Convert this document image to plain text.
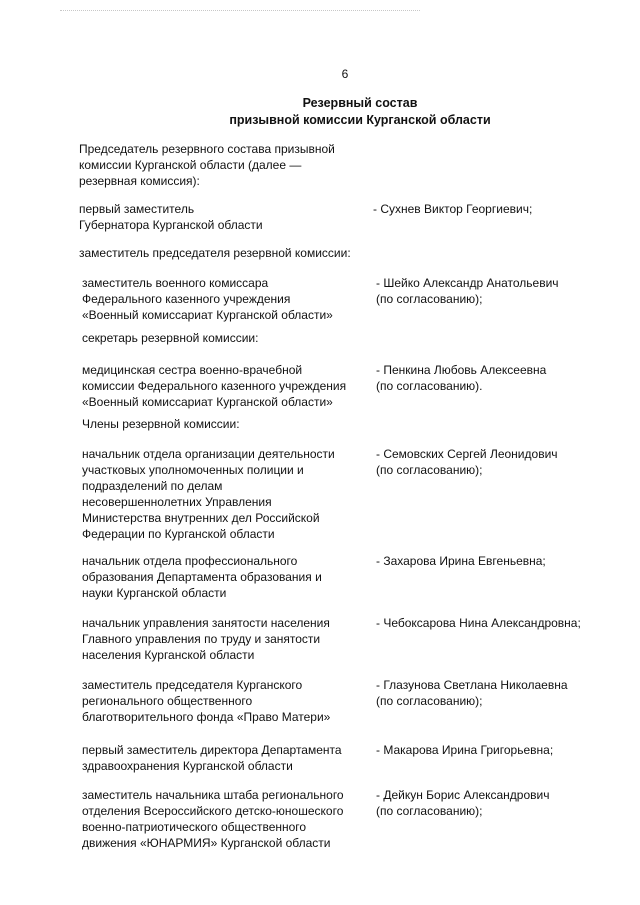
6
Резервный состав
призывной комиссии Курганской области
Председатель резервного состава призывной
комиссии Курганской области (далее —
резервная комиссия):
первый заместитель
Губернатора Курганской области
- Сухнев Виктор Георгиевич;
заместитель председателя резервной комиссии:
заместитель военного комиссара
Федерального казенного учреждения
«Военный комиссариат Курганской области»
- Шейко Александр Анатольевич
(по согласованию);
секретарь резервной комиссии:
медицинская сестра военно-врачебной
комиссии Федерального казенного учреждения
«Военный комиссариат Курганской области»
- Пенкина Любовь Алексеевна
(по согласованию).
Члены резервной комиссии:
начальник отдела организации деятельности
участковых уполномоченных полиции и
подразделений по делам
несовершеннолетних Управления
Министерства внутренних дел Российской
Федерации по Курганской области
- Семовских Сергей Леонидович
(по согласованию);
начальник отдела профессионального
образования Департамента образования и
науки Курганской области
- Захарова Ирина Евгеньевна;
начальник управления занятости населения
Главного управления по труду и занятости
населения Курганской области
- Чебоксарова Нина Александровна;
заместитель председателя Курганского
регионального общественного
благотворительного фонда «Право Матери»
- Глазунова Светлана Николаевна
(по согласованию);
первый заместитель директора Департамента
здравоохранения Курганской области
- Макарова Ирина Григорьевна;
заместитель начальника штаба регионального
отделения Всероссийского детско-юношеского
военно-патриотического общественного
движения «ЮНАРМИЯ» Курганской области
- Дейкун Борис Александрович
(по согласованию);
